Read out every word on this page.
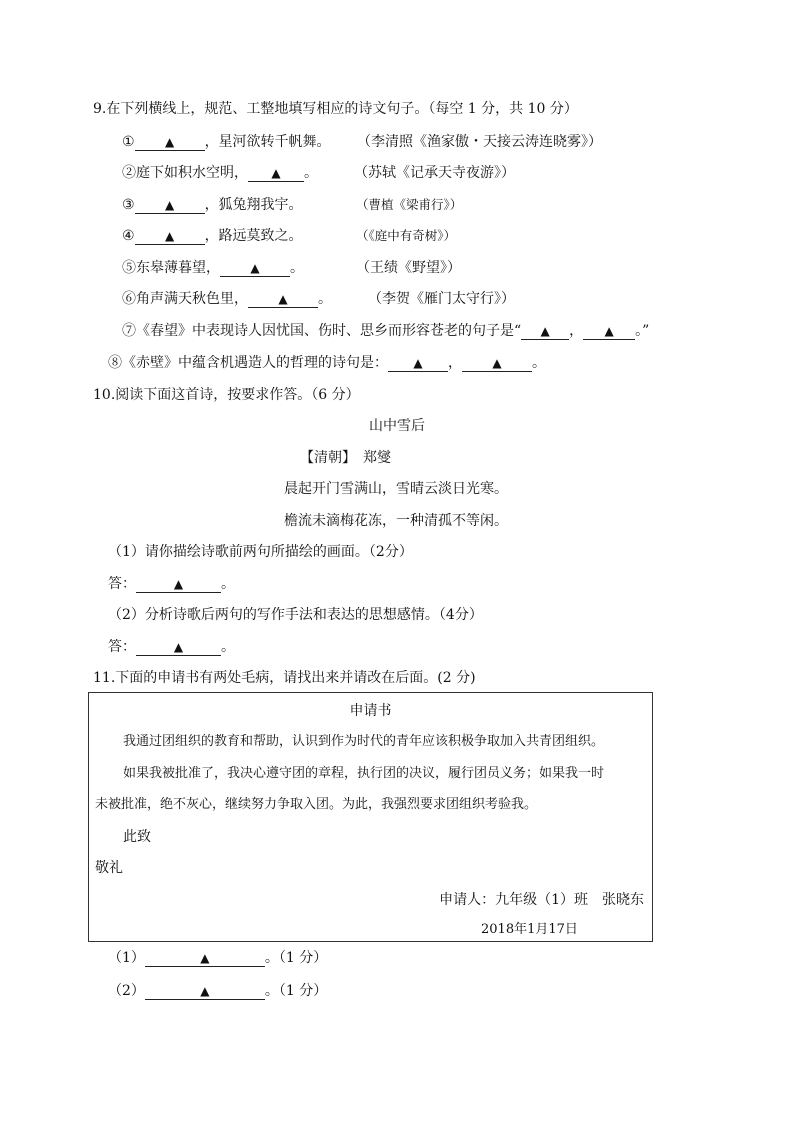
9.在下列横线上，规范、工整地填写相应的诗文句子。（每空 1 分，共 10 分）
①	▲ ，星河欲转千帆舞。 （李清照《渔家傲・天接云涛连晓雾》）
②庭下如积水空明， ▲ 。	（苏轼《记承天寺夜游》）
③	▲ ，狐兔翔我宇。	（曹植《梁甫行》）
④	▲ ，路远莫致之。	（《庭中有奇树》）
⑤东皋薄暮望，	▲ 。	（王绩《野望》）
⑥角声满天秋色里，	▲ 。	（李贺《雁门太守行》）
⑦《春望》中表现诗人因忧国、伤时、思乡而形容苍老的句子是“ ▲ ， ▲ 。”
⑧《赤壁》中蕴含机遇造人的哲理的诗句是： ▲ ，	▲ 。
10.阅读下面这首诗，按要求作答。（6 分）
山中雪后
【清朝】　郑燮
晨起开门雪满山，雪晴云淡日光寒。
檐流未滴梅花冻，一种清孤不等闲。
（1）请你描绘诗歌前两句所描绘的画面。（2分）
答：	▲	。
（2）分析诗歌后两句的写作手法和表达的思想感情。（4分）
答：	▲	。
11.下面的申请书有两处毛病，请找出来并请改在后面。(2 分)
申请书
我通过团组织的教育和帮助，认识到作为时代的青年应该积极争取加入共青团组织。
如果我被批准了，我决心遵守团的章程，执行团的决议，履行团员义务；如果我一时
未被批准，绝不灰心，继续努力争取入团。为此，我强烈要求团组织考验我。
此致
敬礼
申请人：九年级（1）班　张晓东
2018年1月17日
（1）	▲	。（1 分）
（2）	▲	。（1 分）
